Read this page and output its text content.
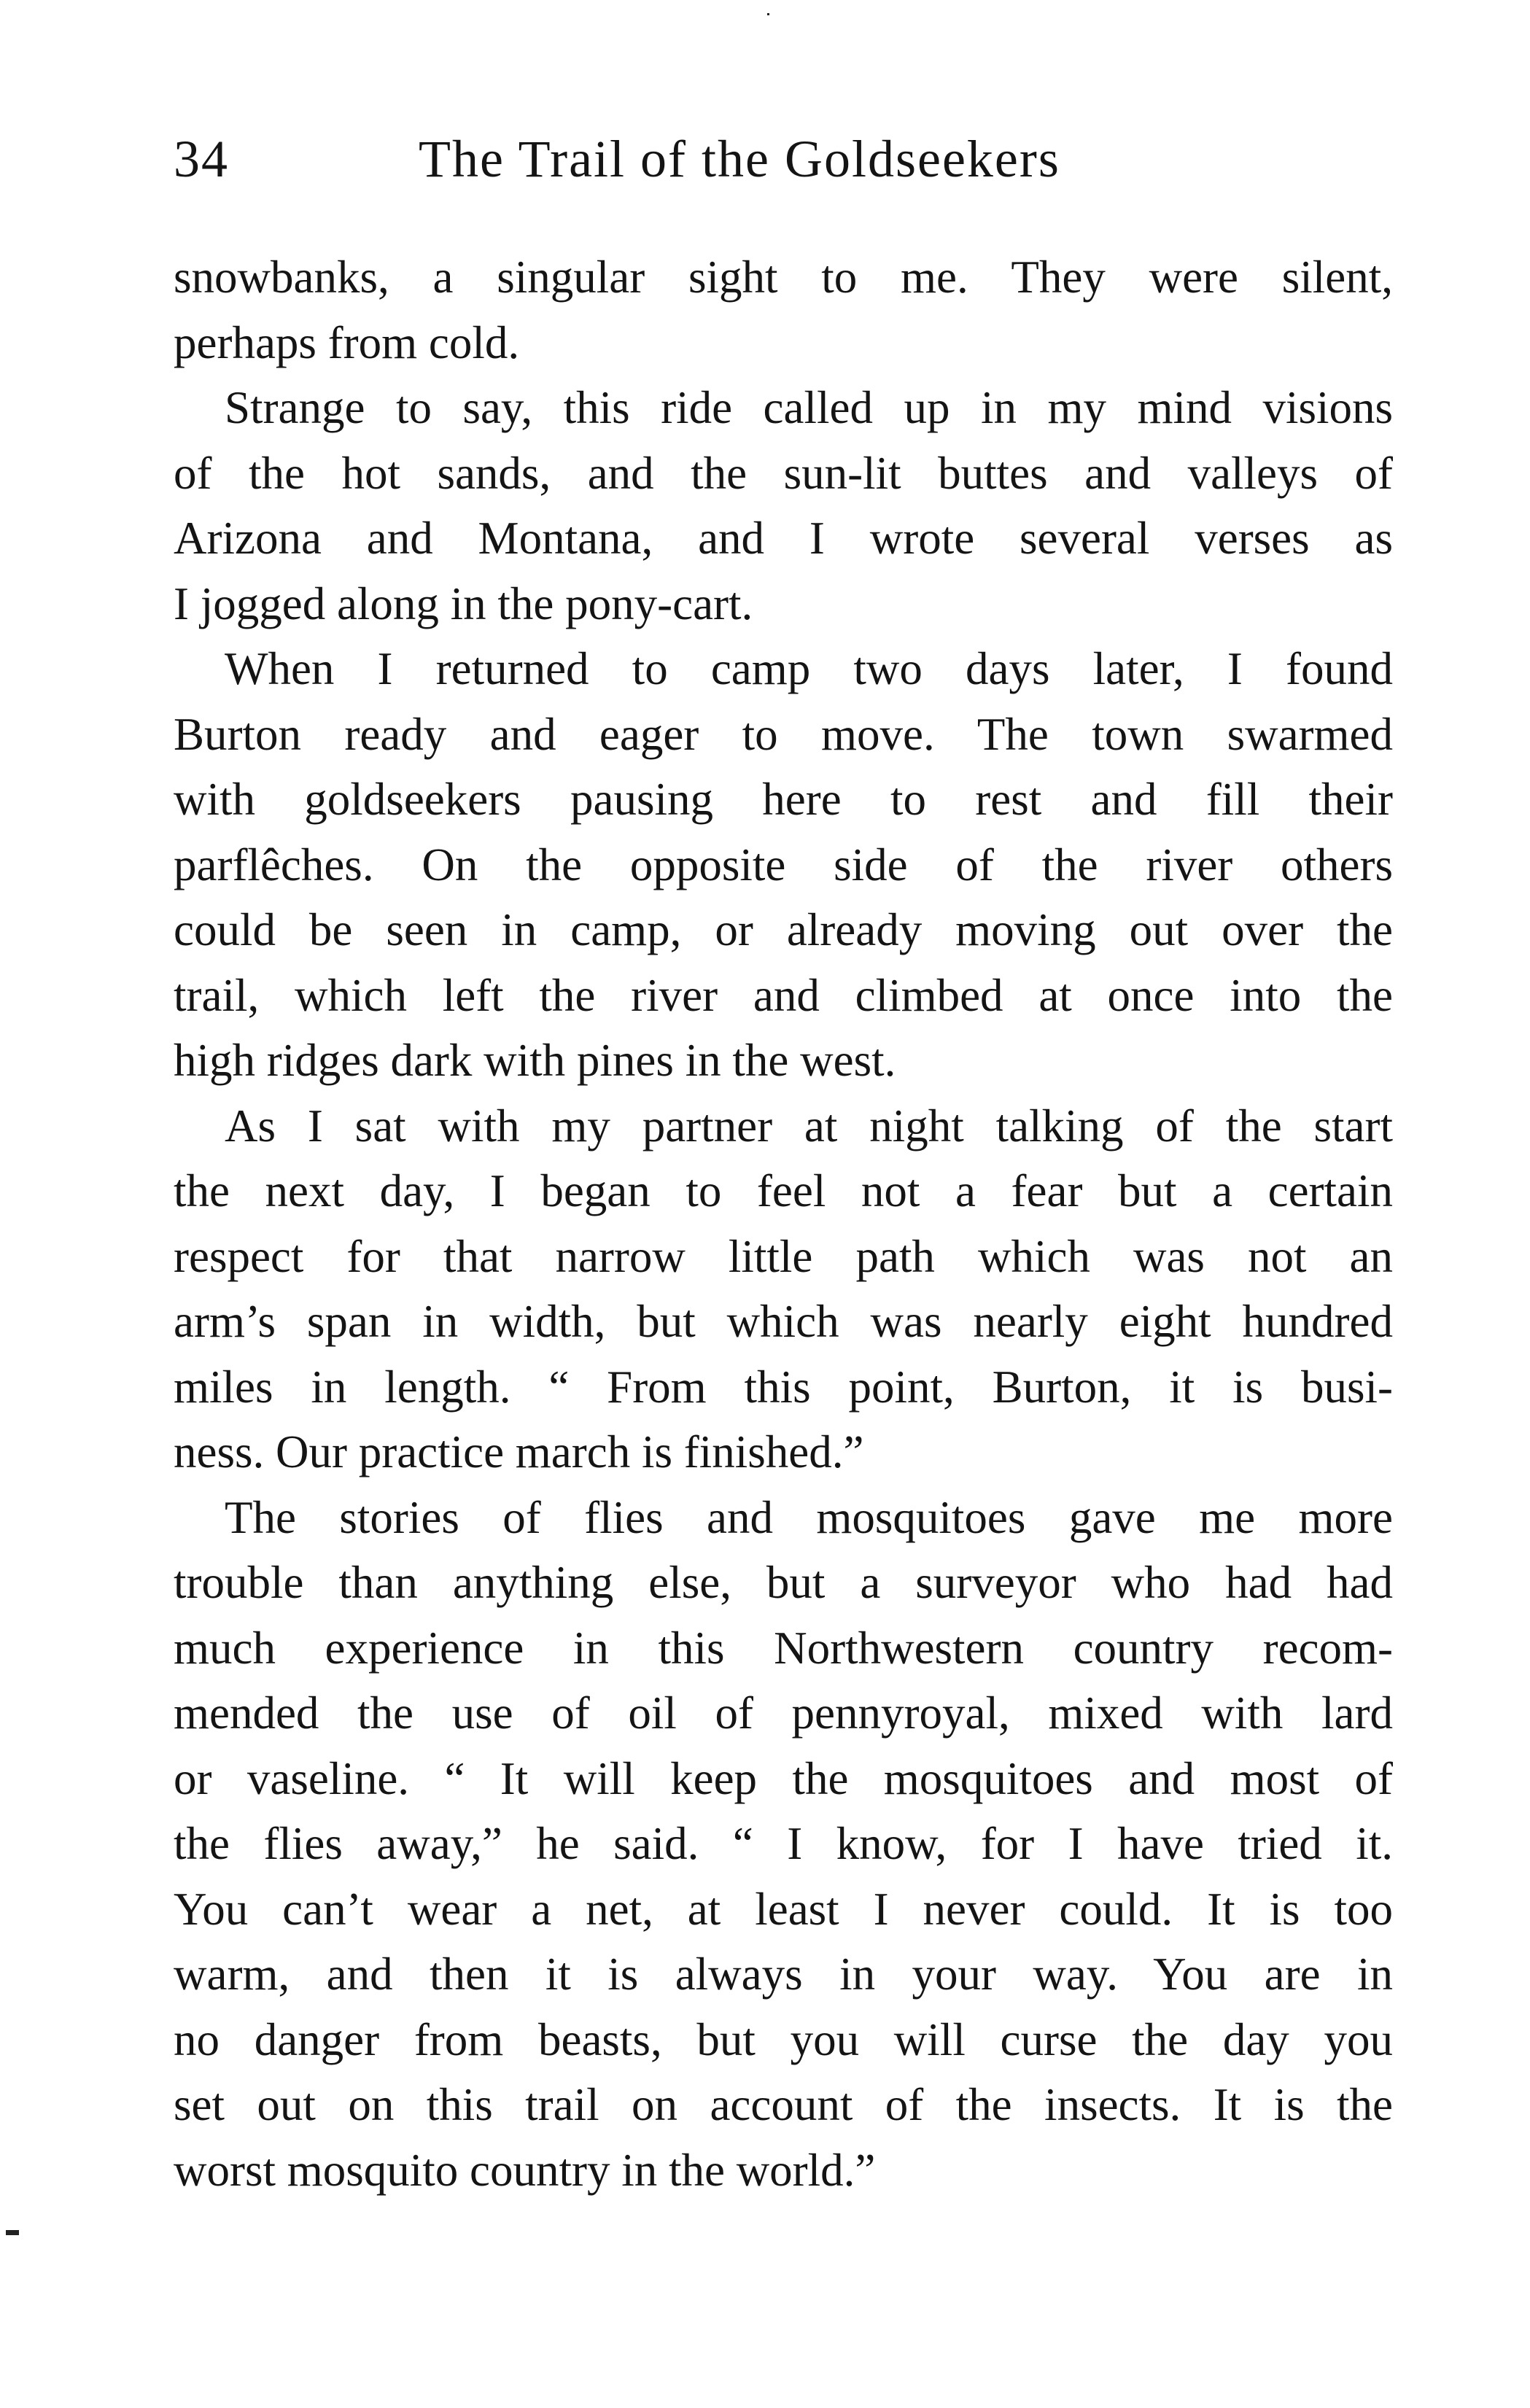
34	The Trail of the Goldseekers
snowbanks, a singular sight to me. They were silent,
perhaps from cold.
Strange to say, this ride called up in my mind visions
of the hot sands, and the sun-lit buttes and valleys of
Arizona and Montana, and I wrote several verses as
I jogged along in the pony-cart.
When I returned to camp two days later, I found
Burton ready and eager to move. The town swarmed
with goldseekers pausing here to rest and fill their
parflêches. On the opposite side of the river others
could be seen in camp, or already moving out over the
trail, which left the river and climbed at once into the
high ridges dark with pines in the west.
As I sat with my partner at night talking of the start
the next day, I began to feel not a fear but a certain
respect for that narrow little path which was not an
arm’s span in width, but which was nearly eight hundred
miles in length. “ From this point, Burton, it is busi-
ness. Our practice march is finished.”
The stories of flies and mosquitoes gave me more
trouble than anything else, but a surveyor who had had
much experience in this Northwestern country recom-
mended the use of oil of pennyroyal, mixed with lard
or vaseline. “ It will keep the mosquitoes and most of
the flies away,” he said. “ I know, for I have tried it.
You can’t wear a net, at least I never could. It is too
warm, and then it is always in your way. You are in
no danger from beasts, but you will curse the day you
set out on this trail on account of the insects. It is the
worst mosquito country in the world.”
